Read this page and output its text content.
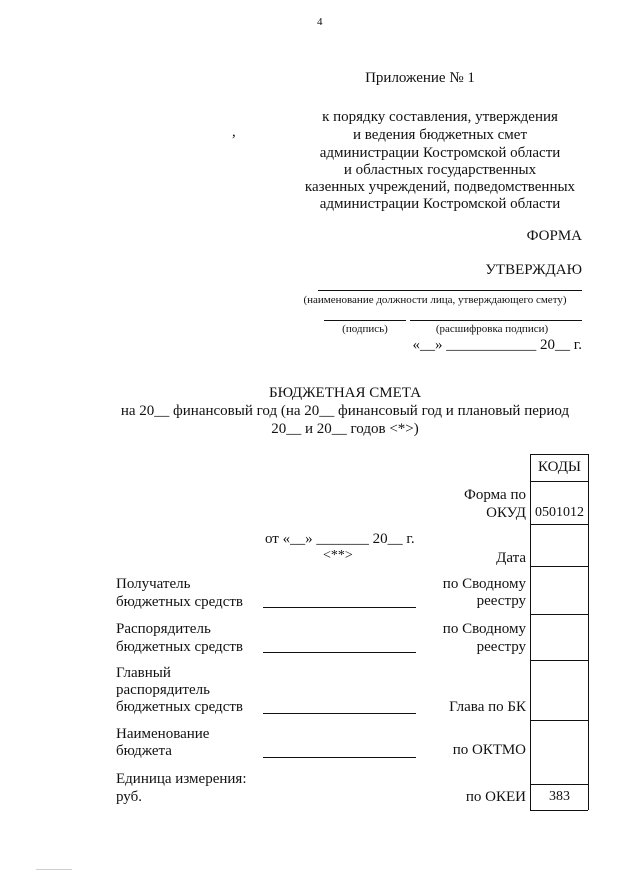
4
Приложение № 1
,
к порядку составления, утверждения
и ведения бюджетных смет
администрации Костромской области
и областных государственных
казенных учреждений, подведомственных
администрации Костромской области
ФОРМА
УТВЕРЖДАЮ
(наименование должности лица, утверждающего смету)
(подпись)	(расшифровка подписи)
«__» ____________ 20__ г.
БЮДЖЕТНАЯ СМЕТА
на 20__ финансовый год (на 20__ финансовый год и плановый период
20__ и 20__ годов <*>)
КОДЫ
0501012
383
Форма по
ОКУД
Дата
по Сводному
реестру
по Сводному
реестру
Глава по БК
по ОКТМО
по ОКЕИ
от «__» _______ 20__ г.
<**>
Получатель
бюджетных средств
Распорядитель
бюджетных средств
Главный
распорядитель
бюджетных средств
Наименование
бюджета
Единица измерения:
руб.
